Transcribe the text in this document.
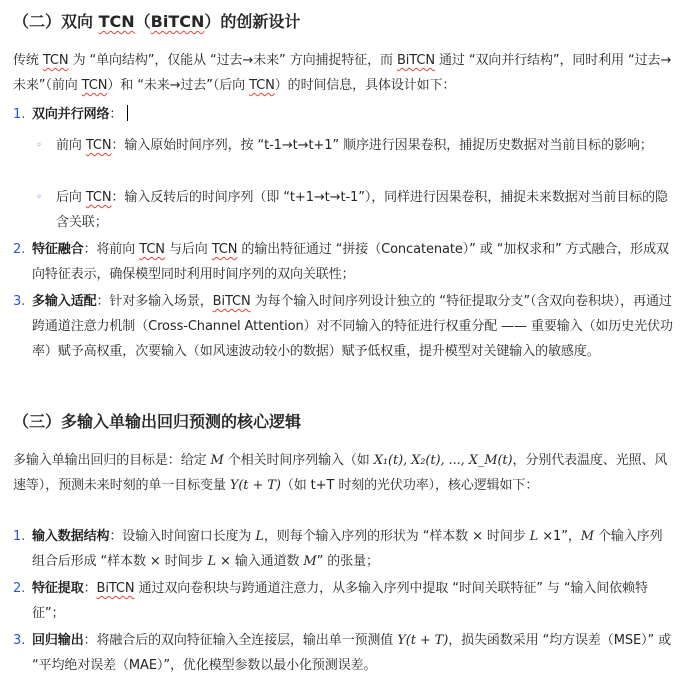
（二）双向 TCN（BiTCN）的创新设计

传统 TCN 为 “单向结构”，仅能从 “过去→未来” 方向捕捉特征，而 BiTCN 通过 “双向并行结构”，同时利用 “过去→未来”（前向 TCN）和 “未来→过去”（后向 TCN）的时间信息，具体设计如下：

1. 双向并行网络：

◦	前向 TCN：输入原始时间序列，按 “t-1→t→t+1” 顺序进行因果卷积，捕捉历史数据对当前目标的影响；

◦	后向 TCN：输入反转后的时间序列（即 “t+1→t→t-1”），同样进行因果卷积，捕捉未来数据对当前目标的隐含关联；

2. 特征融合：将前向 TCN 与后向 TCN 的输出特征通过 “拼接（Concatenate）” 或 “加权求和” 方式融合，形成双向特征表示，确保模型同时利用时间序列的双向关联性；

3. 多输入适配：针对多输入场景，BiTCN 为每个输入时间序列设计独立的 “特征提取分支”（含双向卷积块），再通过跨通道注意力机制（Cross-Channel Attention）对不同输入的特征进行权重分配 —— 重要输入（如历史光伏功率）赋予高权重，次要输入（如风速波动较小的数据）赋予低权重，提升模型对关键输入的敏感度。

（三）多输入单输出回归预测的核心逻辑

多输入单输出回归的目标是：给定 M 个相关时间序列输入（如 X₁(t), X₂(t), ..., X_M(t)，分别代表温度、光照、风速等），预测未来时刻的单一目标变量 Y(t + T)（如 t+T 时刻的光伏功率），核心逻辑如下：

1. 输入数据结构：设输入时间窗口长度为 L，则每个输入序列的形状为 “样本数 × 时间步 L ×1”，M 个输入序列组合后形成 “样本数 × 时间步 L × 输入通道数 M” 的张量；

2. 特征提取：BiTCN 通过双向卷积块与跨通道注意力，从多输入序列中提取 “时间关联特征” 与 “输入间依赖特征”；

3. 回归输出：将融合后的双向特征输入全连接层，输出单一预测值 Y(t + T)，损失函数采用 “均方误差（MSE）” 或 “平均绝对误差（MAE）”，优化模型参数以最小化预测误差。
